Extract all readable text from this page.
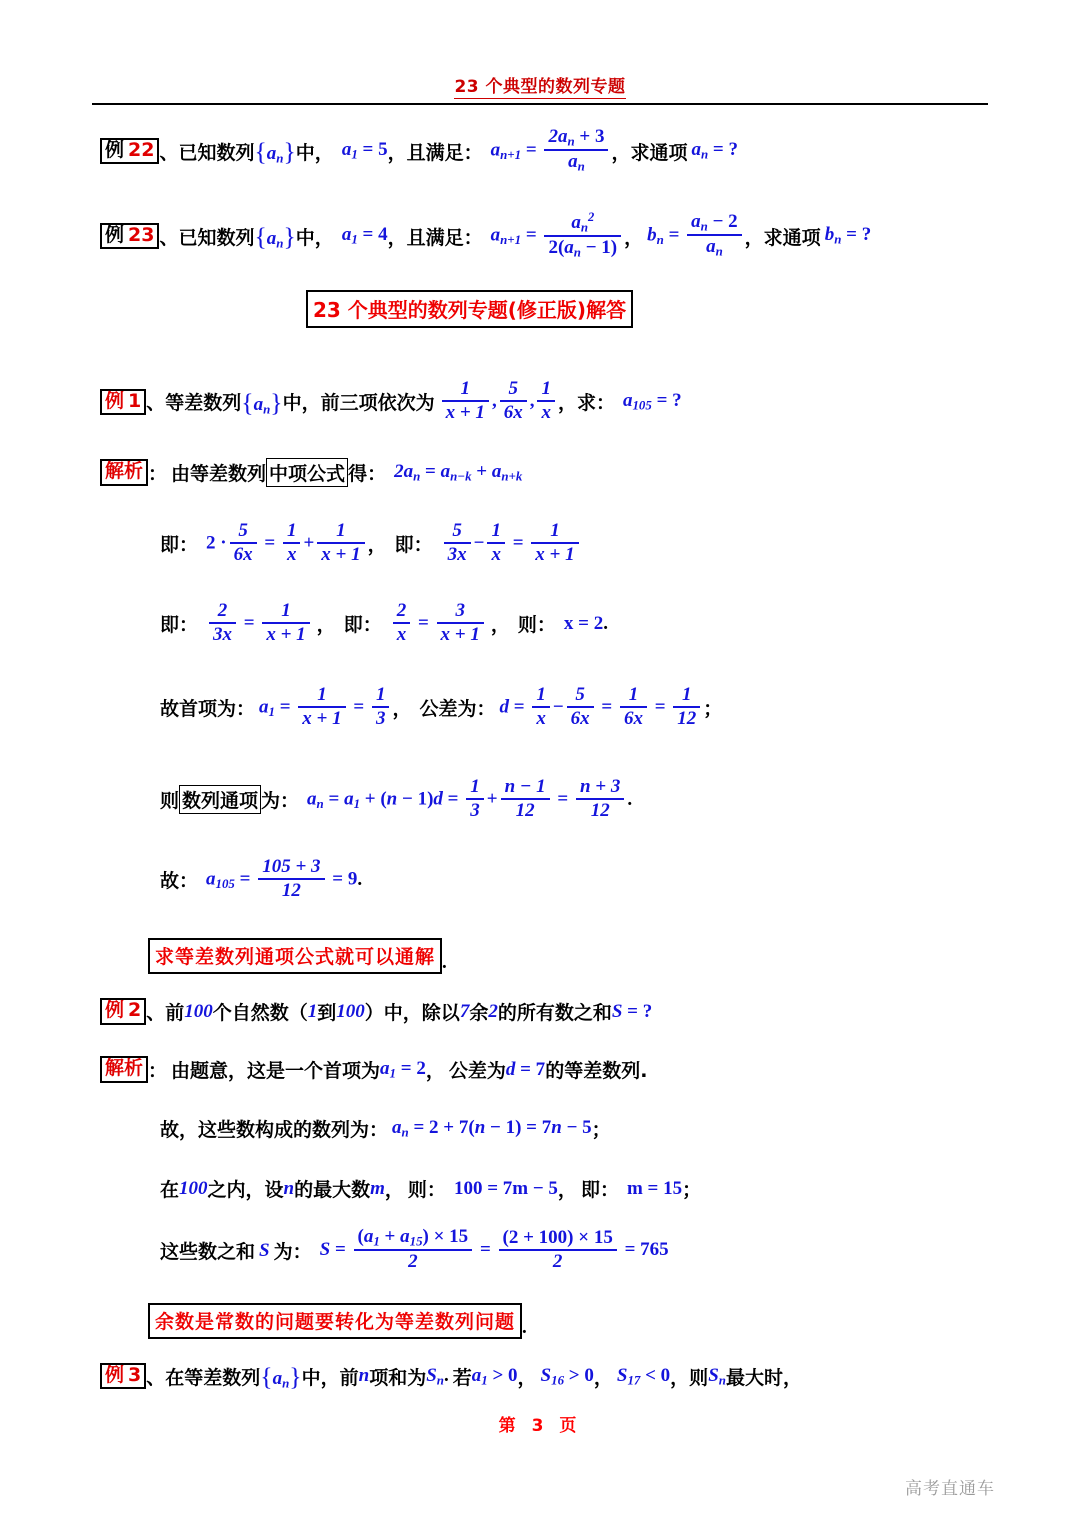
23 个典型的数列专题
例 22 、已知数列 $\{a_n\}$ 中， $a_1 = 5$ ， 且满足： $a_{n+1} = \frac{2a_n + 3}{a_n}$ ，求通项 $a_n$ = ?
例 23 、已知数列 $\{a_n\}$ 中， $a_1 = 4$ ， 且满足： $a_{n+1} = \frac{a_n^2}{2(a_n - 1)}$ ， $b_n = \frac{a_n - 2}{a_n}$ ，求通项 $b_n$ = ?
23 个典型的数列专题(修正版)解答
例 1 、等差数列 $\{a_n\}$ 中， 前三项依次为 $\frac{1}{x + 1}$ , $\frac{5}{6x}$ , $\frac{1}{x}$ ，求： $a_{105}$ = ?
解析 ： 由等差数列 中项公式 得： $2a_n = a_{n-k} + a_{n+k}$
即： $2 \cdot \frac{5}{6x} = \frac{1}{x} + \frac{1}{x + 1}$ ， 即： $\frac{5}{3x} - \frac{1}{x} = \frac{1}{x + 1}$
即： $\frac{2}{3x} = \frac{1}{x + 1}$ ， 即： $\frac{2}{x} = \frac{3}{x + 1}$ ， 则： x = 2 .
故首项为： $a_1 = \frac{1}{x + 1} = \frac{1}{3}$ ， 公差为： $d = \frac{1}{x} - \frac{5}{6x} = \frac{1}{6x} = \frac{1}{12}$ ；
则 数列通项 为： $a_n = a_1 + (n - 1)d = \frac{1}{3} + \frac{n - 1}{12} = \frac{n + 3}{12}$ .
故： $a_{105} = \frac{105 + 3}{12} = 9$ .
求等差数列通项公式就可以通解 .
例 2 、前 100 个自然数（ 1 到 100 ）中，除以 7 余 2 的所有数之和 S = ?
解析 ： 由题意，这是一个首项为 $a_1 = 2$ ， 公差为 d = 7 的等差数列.
故，这些数构成的数列为： $a_n = 2 + 7(n - 1) = 7n - 5$ ；
在 100 之内，设 n 的最大数 m ， 则： 100 = 7m − 5 ， 即： m = 15 ；
这些数之和 S 为： $S = \frac{(a_1 + a_{15}) \times 15}{2} = \frac{(2 + 100) \times 15}{2} = 765$
余数是常数的问题要转化为等差数列问题 .
例 3 、在等差数列 $\{a_n\}$ 中， 前 n 项和为 $S_n$ . 若 $a_1 > 0$ ， $S_{16} > 0$ ， $S_{17} < 0$ ，则 $S_n$ 最大时，
第 3 页
高考直通车
